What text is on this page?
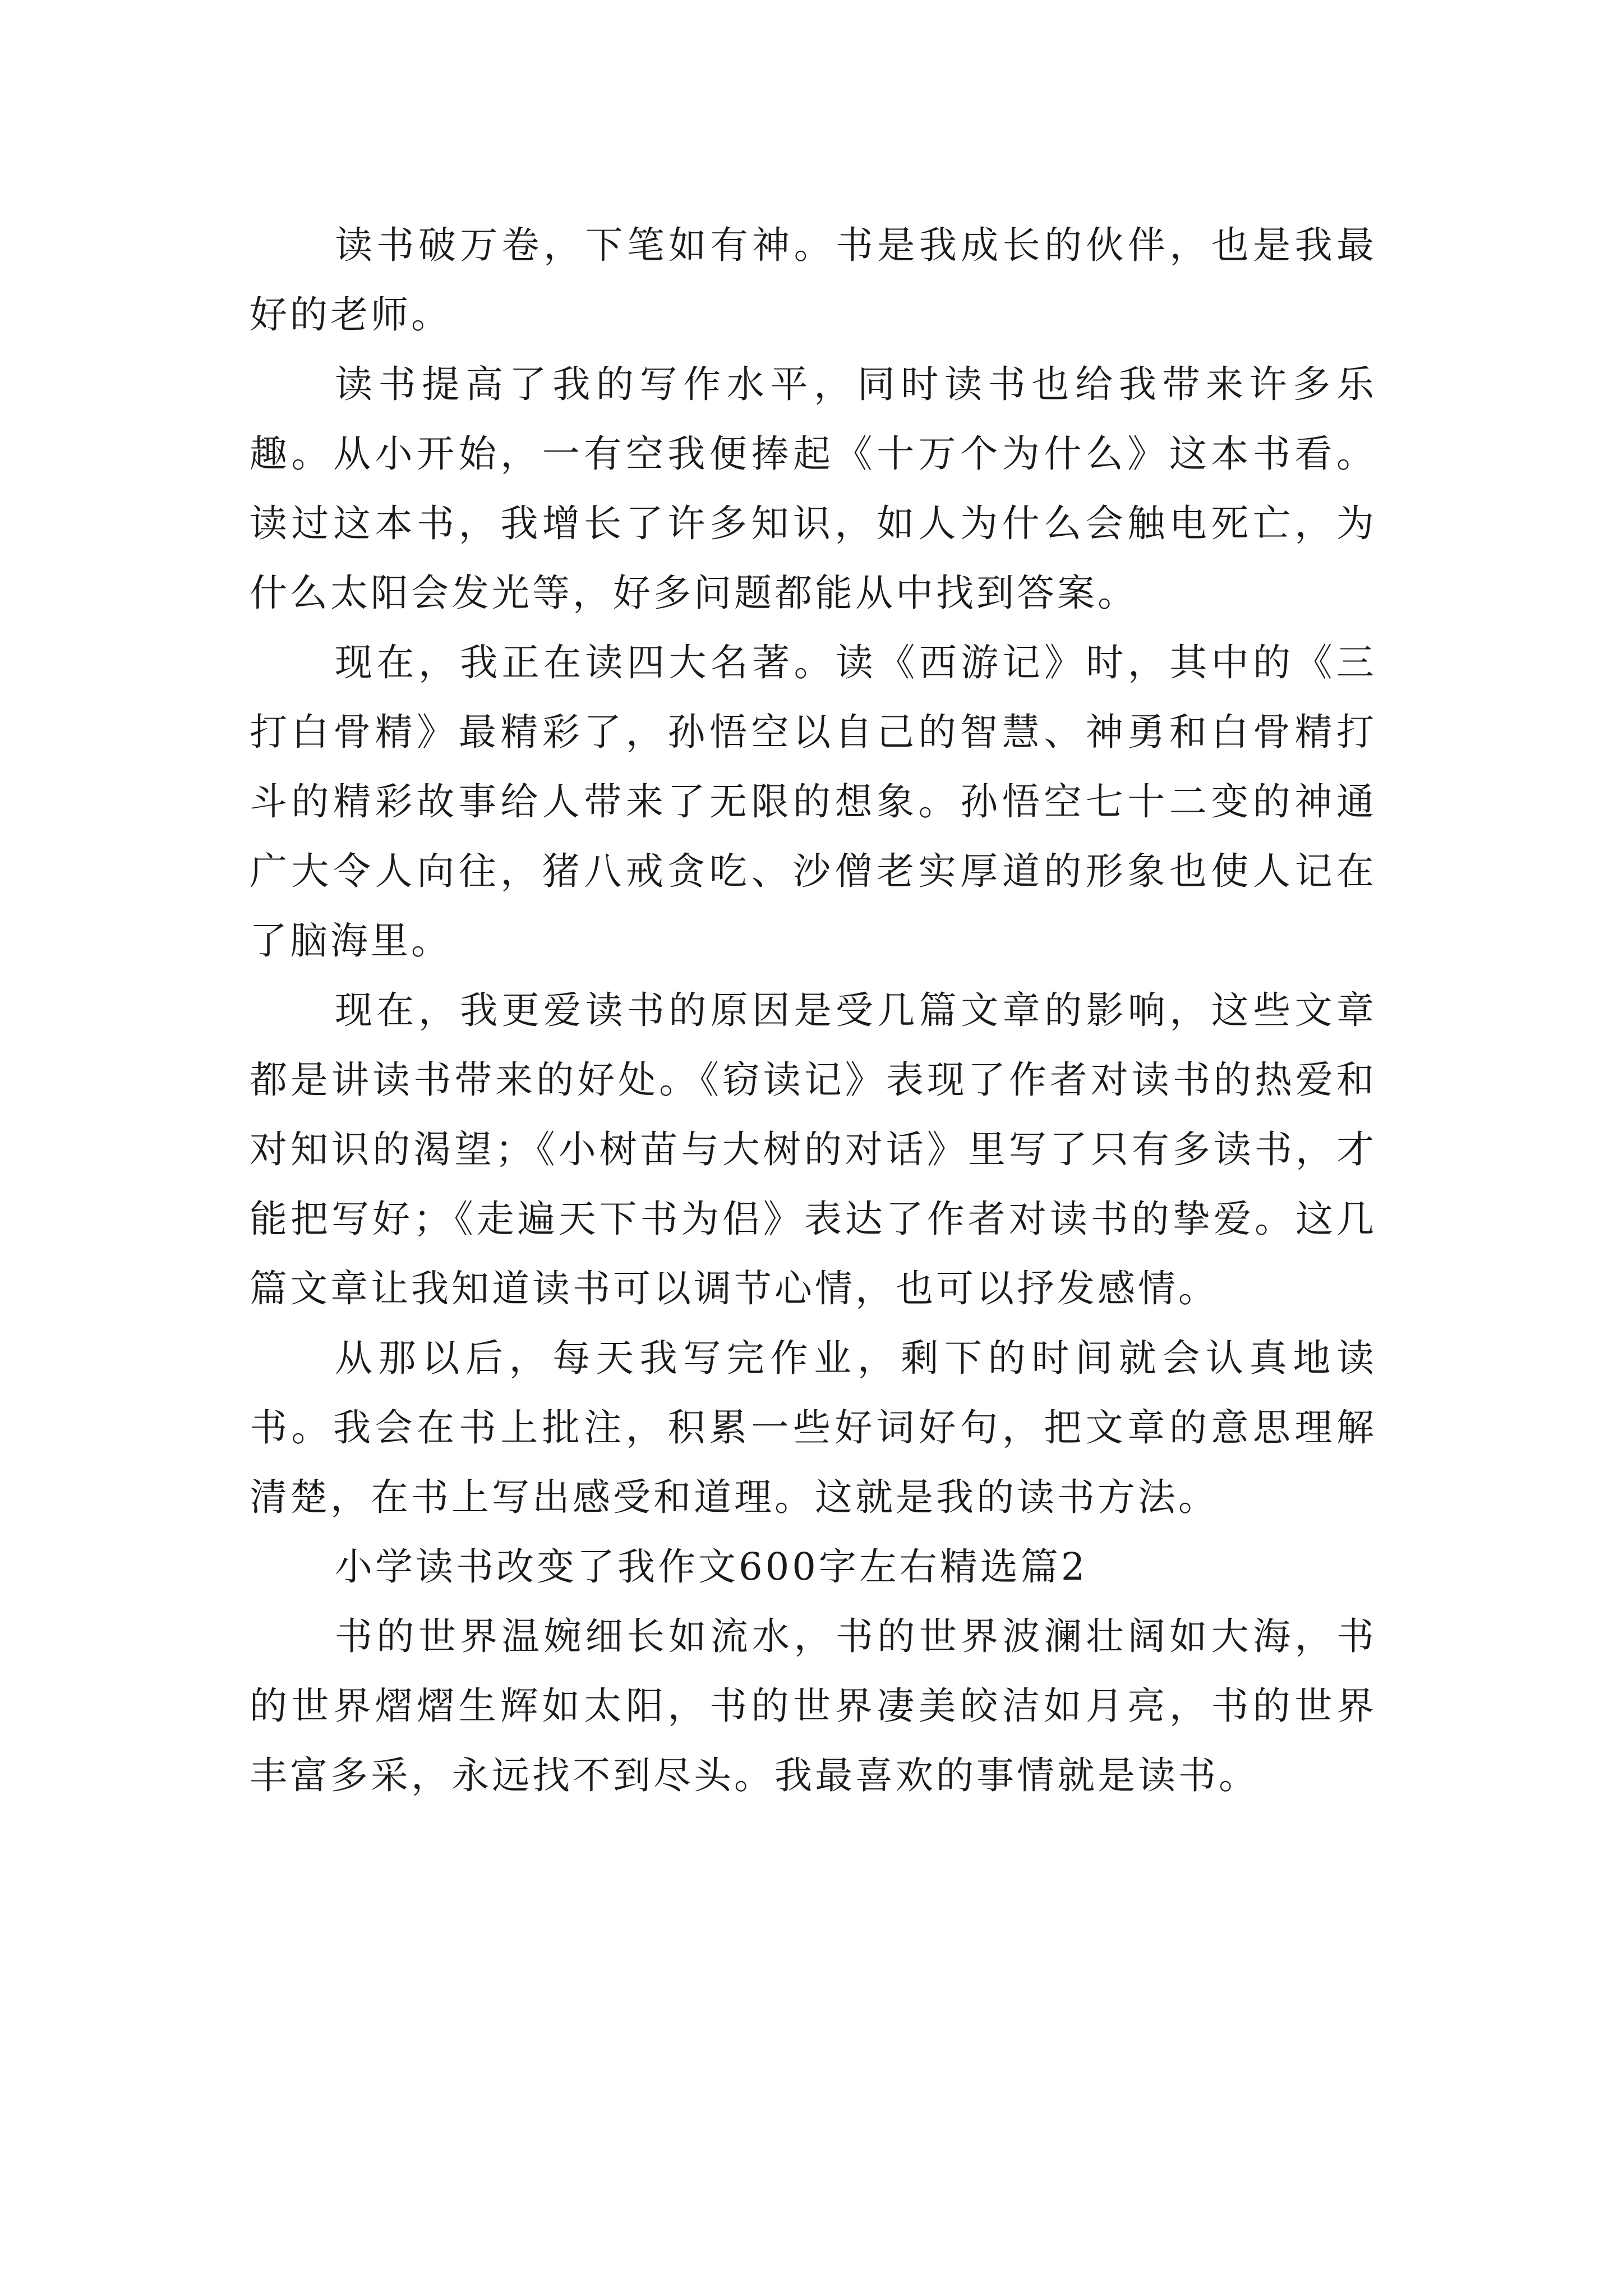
读书破万卷，下笔如有神。书是我成长的伙伴，也是我最好的老师。

读书提高了我的写作水平，同时读书也给我带来许多乐趣。从小开始，一有空我便捧起《十万个为什么》这本书看。读过这本书，我增长了许多知识，如人为什么会触电死亡，为什么太阳会发光等，好多问题都能从中找到答案。

现在，我正在读四大名著。读《西游记》时，其中的《三打白骨精》最精彩了，孙悟空以自己的智慧、神勇和白骨精打斗的精彩故事给人带来了无限的想象。孙悟空七十二变的神通广大令人向往，猪八戒贪吃、沙僧老实厚道的形象也使人记在了脑海里。

现在，我更爱读书的原因是受几篇文章的影响，这些文章都是讲读书带来的好处。《窃读记》表现了作者对读书的热爱和对知识的渴望；《小树苗与大树的对话》里写了只有多读书，才能把写好；《走遍天下书为侣》表达了作者对读书的挚爱。这几篇文章让我知道读书可以调节心情，也可以抒发感情。

从那以后，每天我写完作业，剩下的时间就会认真地读书。我会在书上批注，积累一些好词好句，把文章的意思理解清楚，在书上写出感受和道理。这就是我的读书方法。

小学读书改变了我作文600字左右精选篇2

书的世界温婉细长如流水，书的世界波澜壮阔如大海，书的世界熠熠生辉如太阳，书的世界凄美皎洁如月亮，书的世界丰富多采，永远找不到尽头。我最喜欢的事情就是读书。
